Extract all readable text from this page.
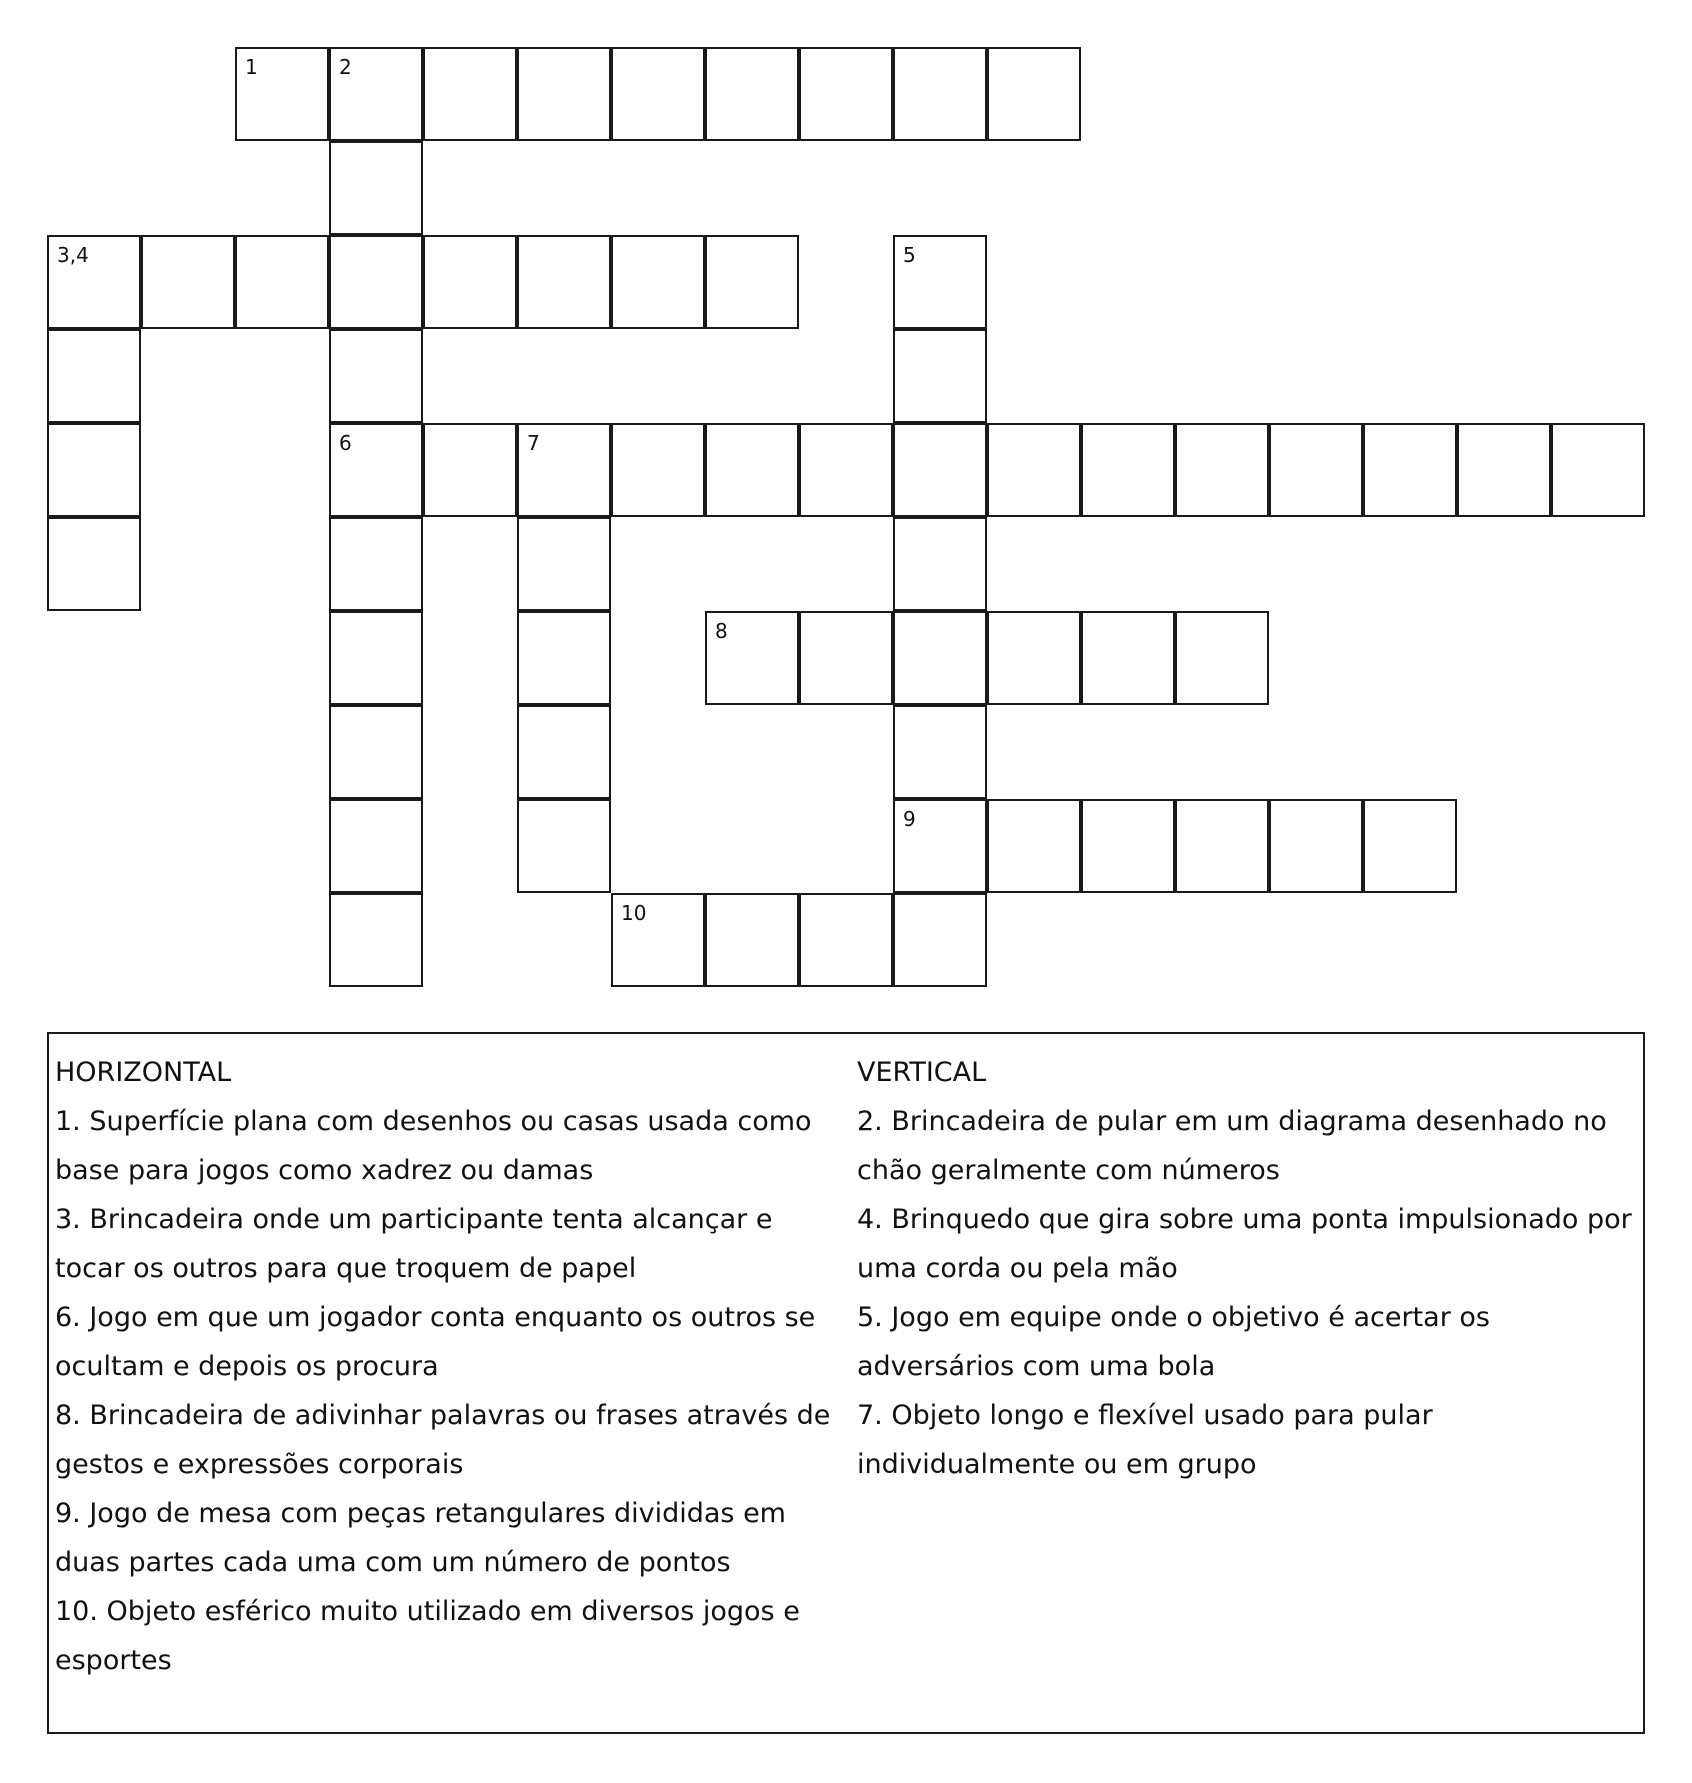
1	2
3,4	5
6	7
8
9
10
HORIZONTAL
1. Superfície plana com desenhos ou casas usada como
base para jogos como xadrez ou damas
3. Brincadeira onde um participante tenta alcançar e
tocar os outros para que troquem de papel
6. Jogo em que um jogador conta enquanto os outros se
ocultam e depois os procura
8. Brincadeira de adivinhar palavras ou frases através de
gestos e expressões corporais
9. Jogo de mesa com peças retangulares divididas em
duas partes cada uma com um número de pontos
10. Objeto esférico muito utilizado em diversos jogos e
esportes
VERTICAL
2. Brincadeira de pular em um diagrama desenhado no
chão geralmente com números
4. Brinquedo que gira sobre uma ponta impulsionado por
uma corda ou pela mão
5. Jogo em equipe onde o objetivo é acertar os
adversários com uma bola
7. Objeto longo e flexível usado para pular
individualmente ou em grupo
